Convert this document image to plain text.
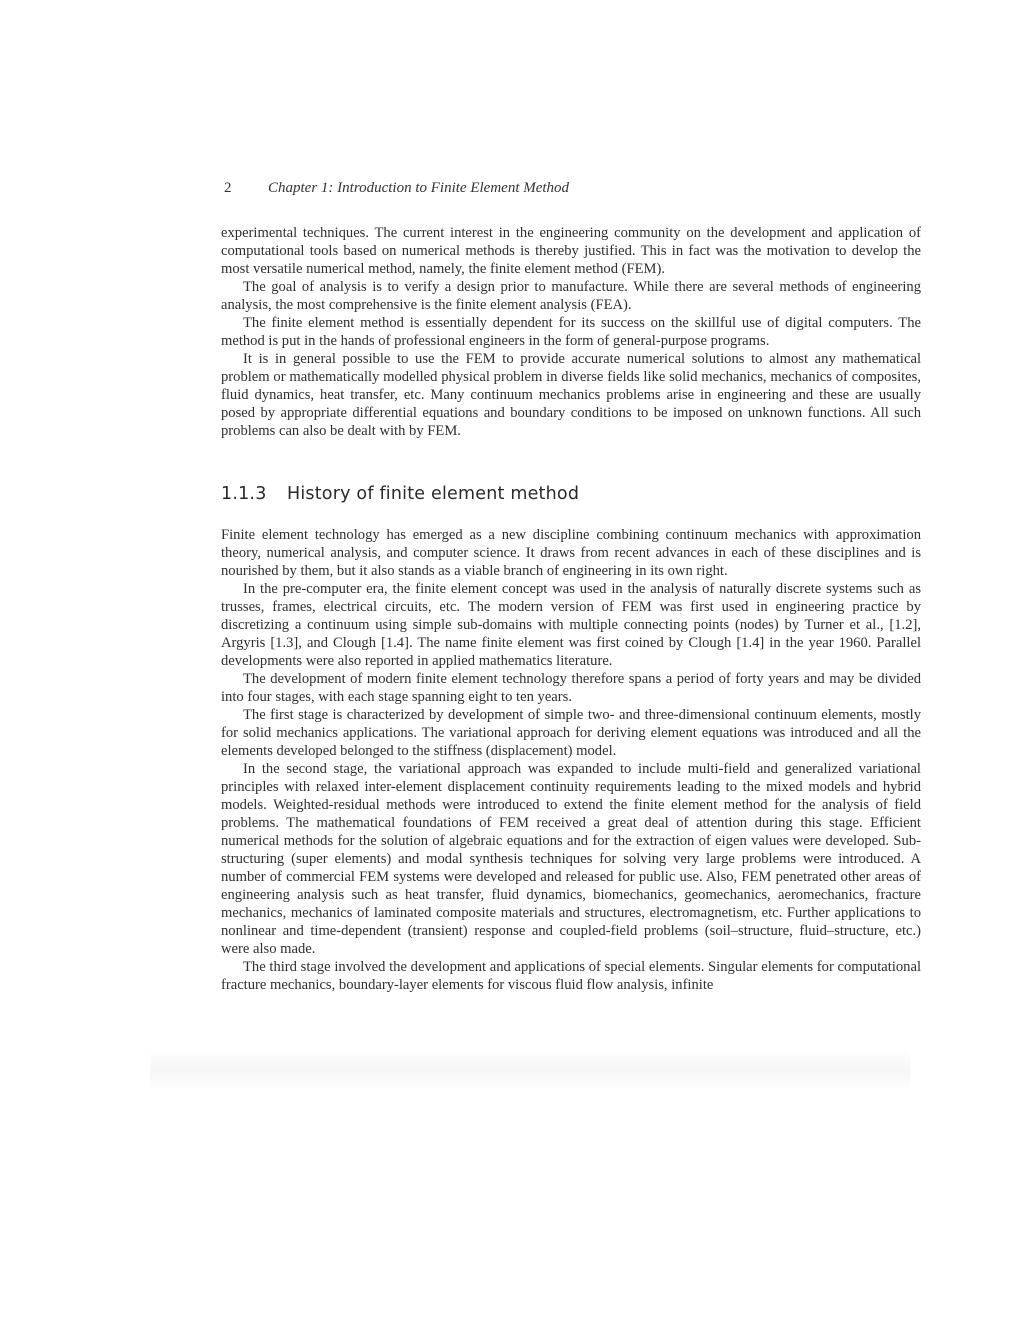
2 Chapter 1: Introduction to Finite Element Method

experimental techniques. The current interest in the engineering community on the development and application of computational tools based on numerical methods is thereby justified. This in fact was the motivation to develop the most versatile numerical method, namely, the finite element method (FEM).

The goal of analysis is to verify a design prior to manufacture. While there are several methods of engineering analysis, the most comprehensive is the finite element analysis (FEA).

The finite element method is essentially dependent for its success on the skillful use of digital computers. The method is put in the hands of professional engineers in the form of general-purpose programs.

It is in general possible to use the FEM to provide accurate numerical solutions to almost any mathematical problem or mathematically modelled physical problem in diverse fields like solid mechanics, mechanics of composites, fluid dynamics, heat transfer, etc. Many continuum mechanics problems arise in engineering and these are usually posed by appropriate differential equations and boundary conditions to be imposed on unknown functions. All such problems can also be dealt with by FEM.

1.1.3 History of finite element method

Finite element technology has emerged as a new discipline combining continuum mechanics with approximation theory, numerical analysis, and computer science. It draws from recent advances in each of these disciplines and is nourished by them, but it also stands as a viable branch of engineering in its own right.

In the pre-computer era, the finite element concept was used in the analysis of naturally discrete systems such as trusses, frames, electrical circuits, etc. The modern version of FEM was first used in engineering practice by discretizing a continuum using simple sub-domains with multiple connecting points (nodes) by Turner et al., [1.2], Argyris [1.3], and Clough [1.4]. The name finite element was first coined by Clough [1.4] in the year 1960. Parallel developments were also reported in applied mathematics literature.

The development of modern finite element technology therefore spans a period of forty years and may be divided into four stages, with each stage spanning eight to ten years.

The first stage is characterized by development of simple two- and three-dimensional continuum elements, mostly for solid mechanics applications. The variational approach for deriving element equations was introduced and all the elements developed belonged to the stiffness (displacement) model.

In the second stage, the variational approach was expanded to include multi-field and generalized variational principles with relaxed inter-element displacement continuity requirements leading to the mixed models and hybrid models. Weighted-residual methods were introduced to extend the finite element method for the analysis of field problems. The mathematical foundations of FEM received a great deal of attention during this stage. Efficient numerical methods for the solution of algebraic equations and for the extraction of eigen values were developed. Sub-structuring (super elements) and modal synthesis techniques for solving very large problems were introduced. A number of commercial FEM systems were developed and released for public use. Also, FEM penetrated other areas of engineering analysis such as heat transfer, fluid dynamics, biomechanics, geomechanics, aeromechanics, fracture mechanics, mechanics of laminated composite materials and structures, electromagnetism, etc. Further applications to nonlinear and time-dependent (transient) response and coupled-field problems (soil–structure, fluid–structure, etc.) were also made.

The third stage involved the development and applications of special elements. Singular elements for computational fracture mechanics, boundary-layer elements for viscous fluid flow analysis, infinite
